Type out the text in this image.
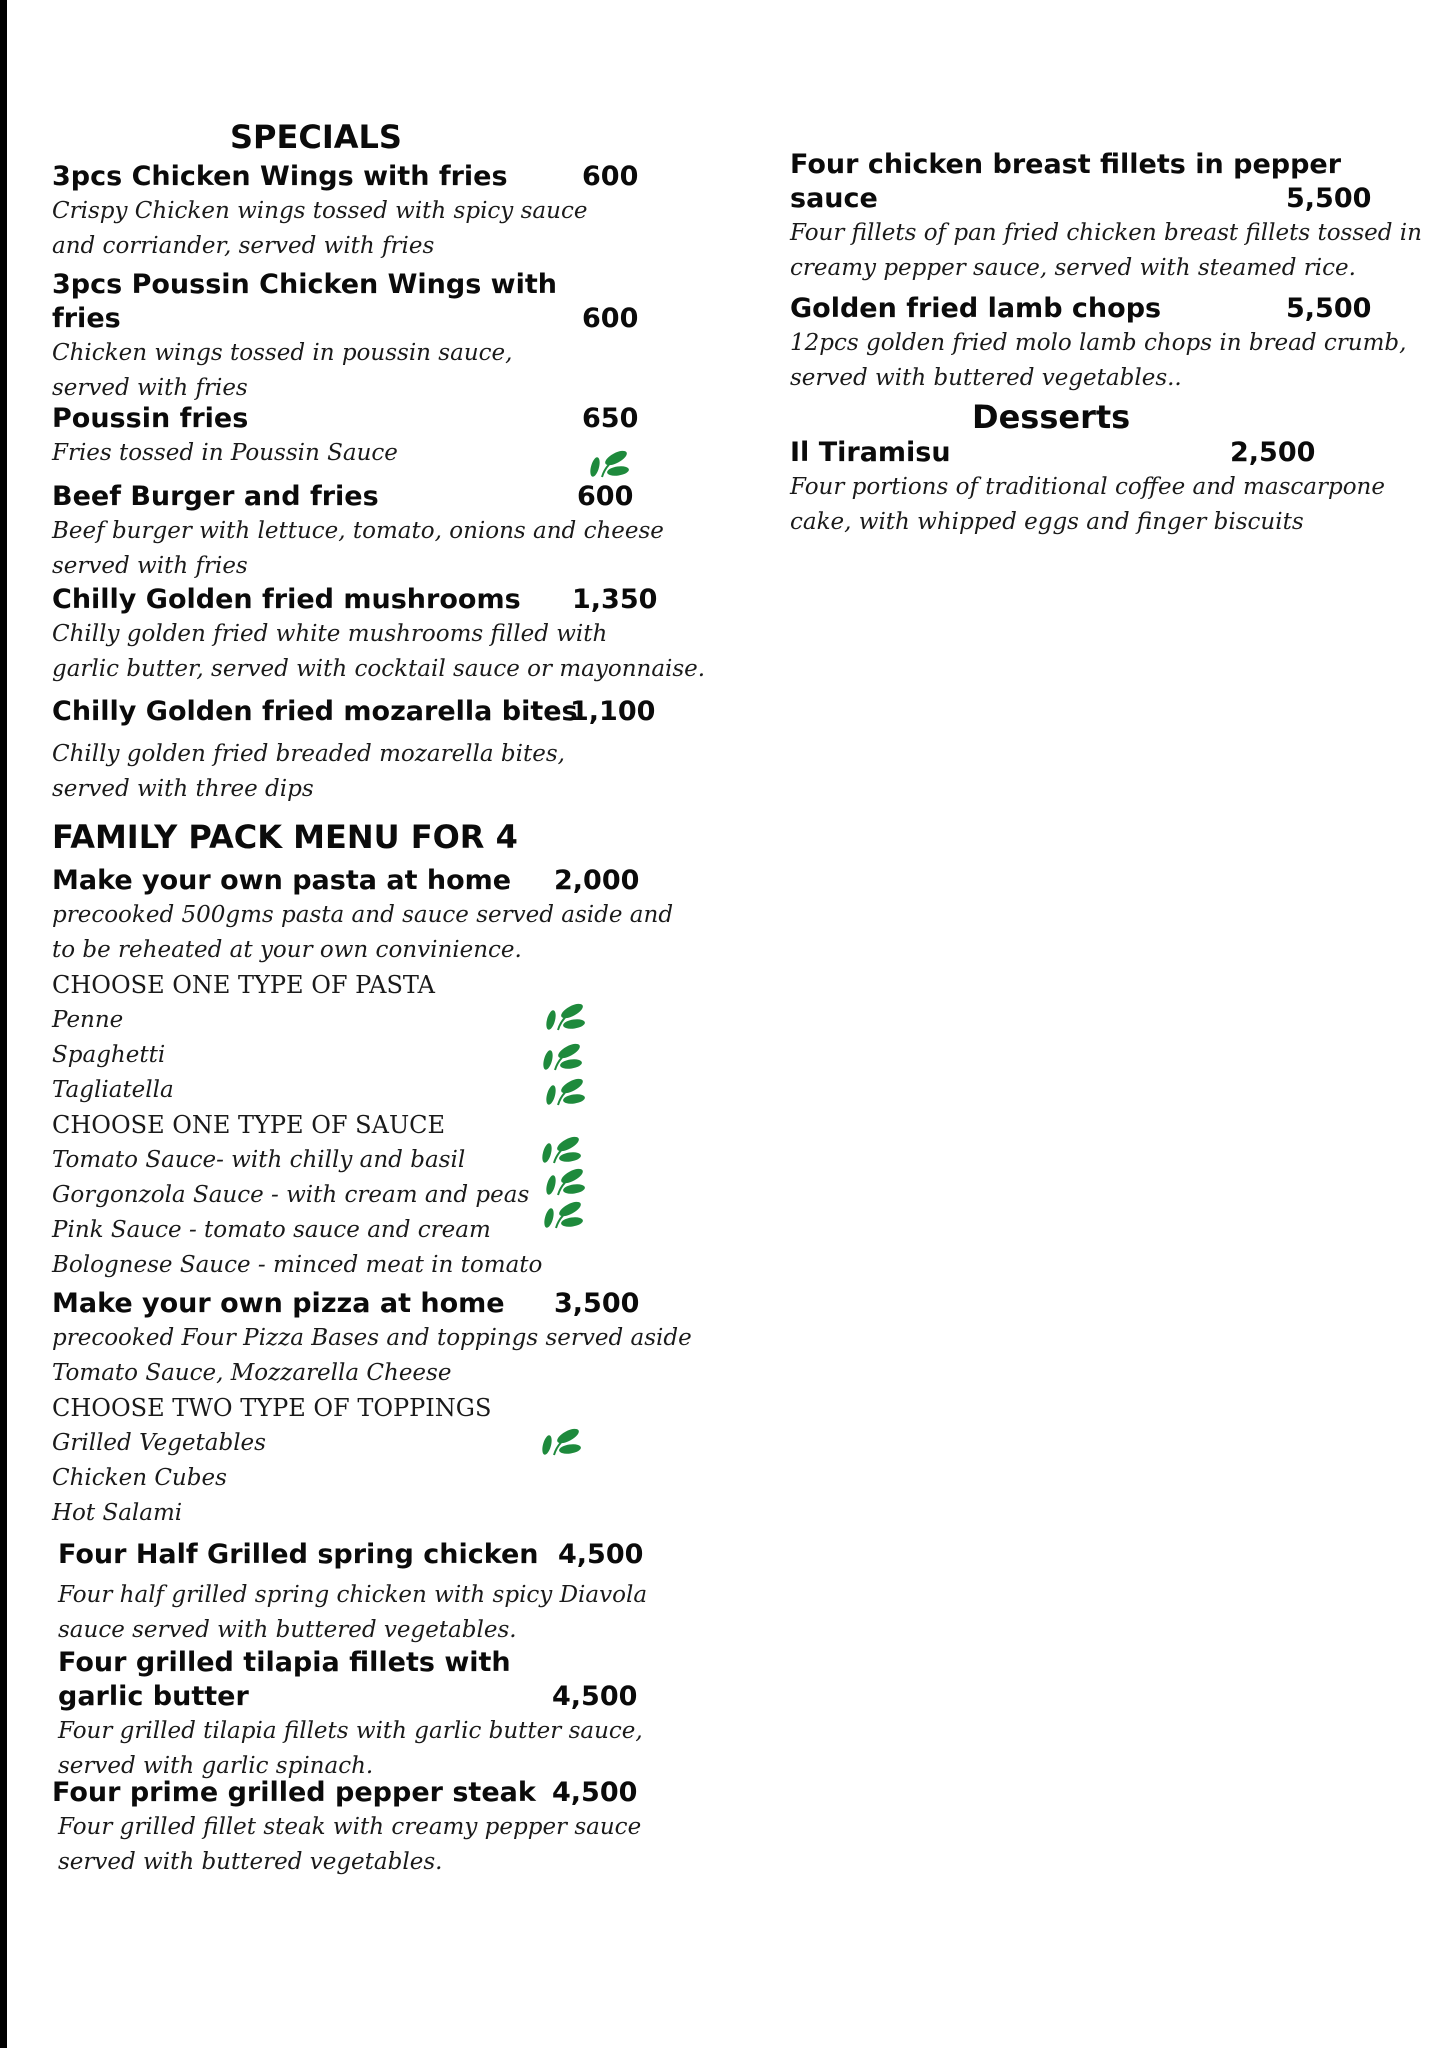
SPECIALS
3pcs Chicken Wings with fries	600
Crispy Chicken wings tossed with spicy sauce
and corriander, served with fries
3pcs Poussin Chicken Wings with
fries	600
Chicken wings tossed in poussin sauce,
served with fries
Poussin fries	650
Fries tossed in Poussin Sauce
Beef Burger and fries	600
Beef burger with lettuce, tomato, onions and cheese
served with fries
Chilly Golden fried mushrooms 1,350
Chilly golden fried white mushrooms filled with
garlic butter, served with cocktail sauce or mayonnaise.
Chilly Golden fried mozarella bites
1,100
Chilly golden fried breaded mozarella bites,
served with three dips
FAMILY PACK MENU FOR 4
Make your own pasta at home 2,000
precooked 500gms pasta and sauce served aside and
to be reheated at your own convinience.
CHOOSE ONE TYPE OF PASTA
Penne
Spaghetti
Tagliatella
CHOOSE ONE TYPE OF SAUCE
Tomato Sauce- with chilly and basil
Gorgonzola Sauce - with cream and peas
Pink Sauce - tomato sauce and cream
Bolognese Sauce - minced meat in tomato
Make your own pizza at home 3,500
precooked Four Pizza Bases and toppings served aside
Tomato Sauce, Mozzarella Cheese
CHOOSE TWO TYPE OF TOPPINGS
Grilled Vegetables
Chicken Cubes
Hot Salami
Four Half Grilled spring chicken 4,500
Four half grilled spring chicken with spicy Diavola
sauce served with buttered vegetables.
Four grilled tilapia fillets with
garlic butter	4,500
Four grilled tilapia fillets with garlic butter sauce,
served with garlic spinach.
Four prime grilled pepper steak 4,500
Four grilled fillet steak with creamy pepper sauce
served with buttered vegetables.
Four chicken breast fillets in pepper
sauce	5,500
Four fillets of pan fried chicken breast fillets tossed in
creamy pepper sauce, served with steamed rice.
Golden fried lamb chops	5,500
12pcs golden fried molo lamb chops in bread crumb,
served with buttered vegetables..
Desserts
Il Tiramisu	2,500
Four portions of traditional coffee and mascarpone
cake, with whipped eggs and finger biscuits
